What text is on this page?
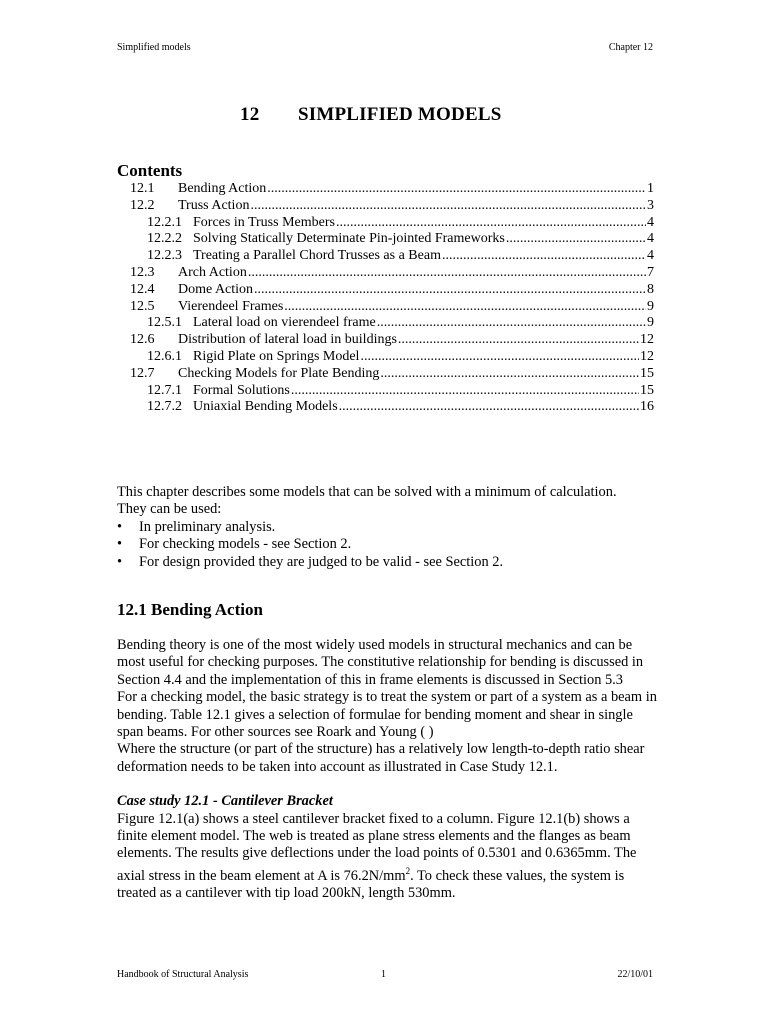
Simplified models	Chapter 12
12 SIMPLIFIED MODELS
Contents
12.1	Bending Action .....	1
12.2	Truss Action .....	3
12.2.1 Forces in Truss Members .....	4
12.2.2 Solving Statically Determinate Pin-jointed Frameworks .....	4
12.2.3 Treating a Parallel Chord Trusses as a Beam .....	4
12.3	Arch Action .....	7
12.4	Dome Action .....	8
12.5	Vierendeel Frames .....	9
12.5.1 Lateral load on vierendeel frame .....	9
12.6	Distribution of lateral load in buildings .....	12
12.6.1 Rigid Plate on Springs Model .....	12
12.7	Checking Models for Plate Bending .....	15
12.7.1 Formal Solutions .....	15
12.7.2 Uniaxial Bending Models .....	16

This chapter describes some models that can be solved with a minimum of calculation.

They can be used:

• In preliminary analysis.
• For checking models - see Section 2.
• For design provided they are judged to be valid - see Section 2.
12.1 Bending Action

Bending theory is one of the most widely used models in structural mechanics and can be most useful for checking purposes. The constitutive relationship for bending is discussed in Section 4.4 and the implementation of this in frame elements is discussed in Section 5.3

For a checking model, the basic strategy is to treat the system or part of a system as a beam in bending. Table 12.1 gives a selection of formulae for bending moment and shear in single span beams. For other sources see Roark and Young ( )

Where the structure (or part of the structure) has a relatively low length-to-depth ratio shear deformation needs to be taken into account as illustrated in Case Study 12.1.

Case study 12.1 - Cantilever Bracket

Figure 12.1(a) shows a steel cantilever bracket fixed to a column. Figure 12.1(b) shows a finite element model. The web is treated as plane stress elements and the flanges as beam elements. The results give deflections under the load points of 0.5301 and 0.6365mm. The axial stress in the beam element at A is $76.2N/mm^2$. To check these values, the system is treated as a cantilever with tip load 200kN, length 530mm.

Handbook of Structural Analysis	1	22/10/01
